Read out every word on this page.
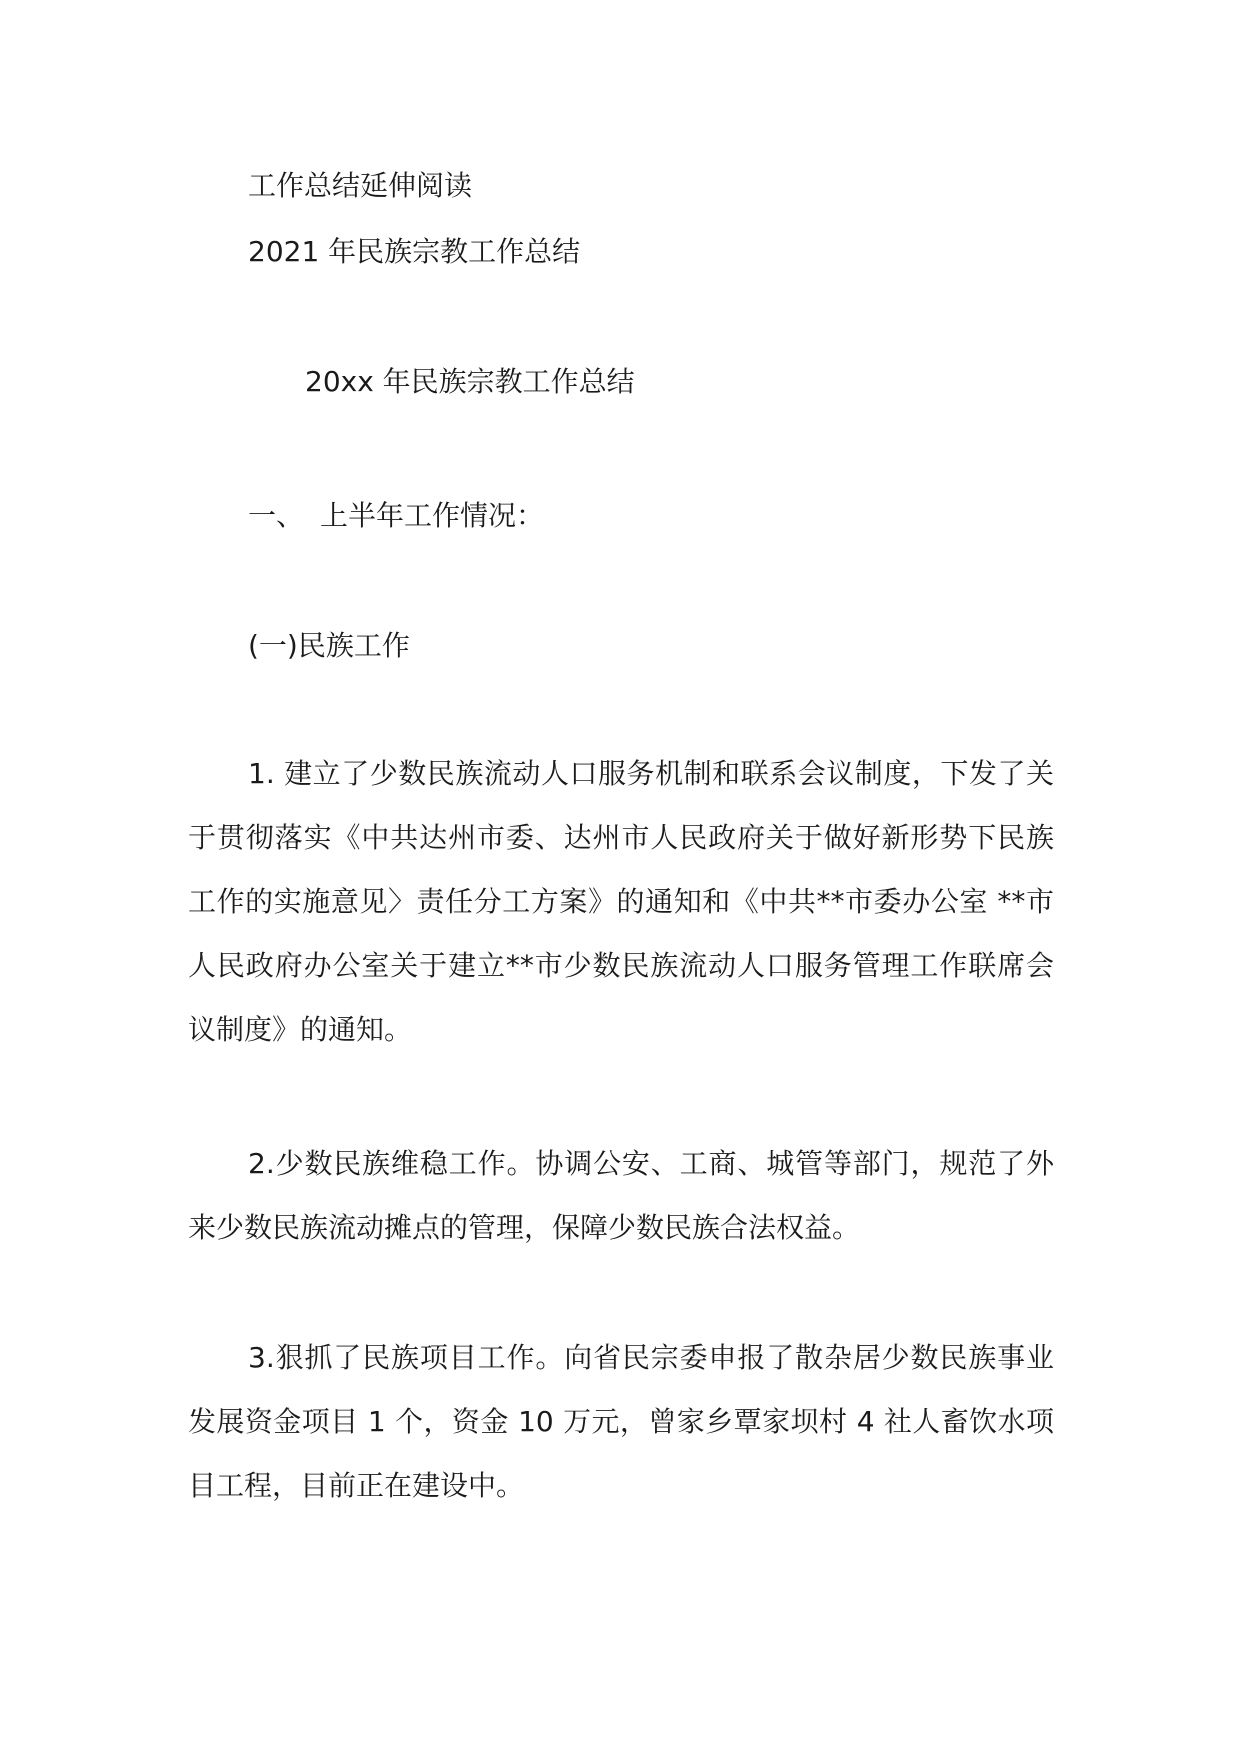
工作总结延伸阅读
2021 年民族宗教工作总结
20xx 年民族宗教工作总结
一、 上半年工作情况：
(一)民族工作
1. 建立了少数民族流动人口服务机制和联系会议制度，下发了关于贯彻落实《中共达州市委、达州市人民政府关于做好新形势下民族工作的实施意见〉责任分工方案》的通知和《中共**市委办公室 **市人民政府办公室关于建立**市少数民族流动人口服务管理工作联席会议制度》的通知。
2.少数民族维稳工作。协调公安、工商、城管等部门，规范了外来少数民族流动摊点的管理，保障少数民族合法权益。
3.狠抓了民族项目工作。向省民宗委申报了散杂居少数民族事业发展资金项目 1 个，资金 10 万元，曾家乡覃家坝村 4 社人畜饮水项目工程，目前正在建设中。
